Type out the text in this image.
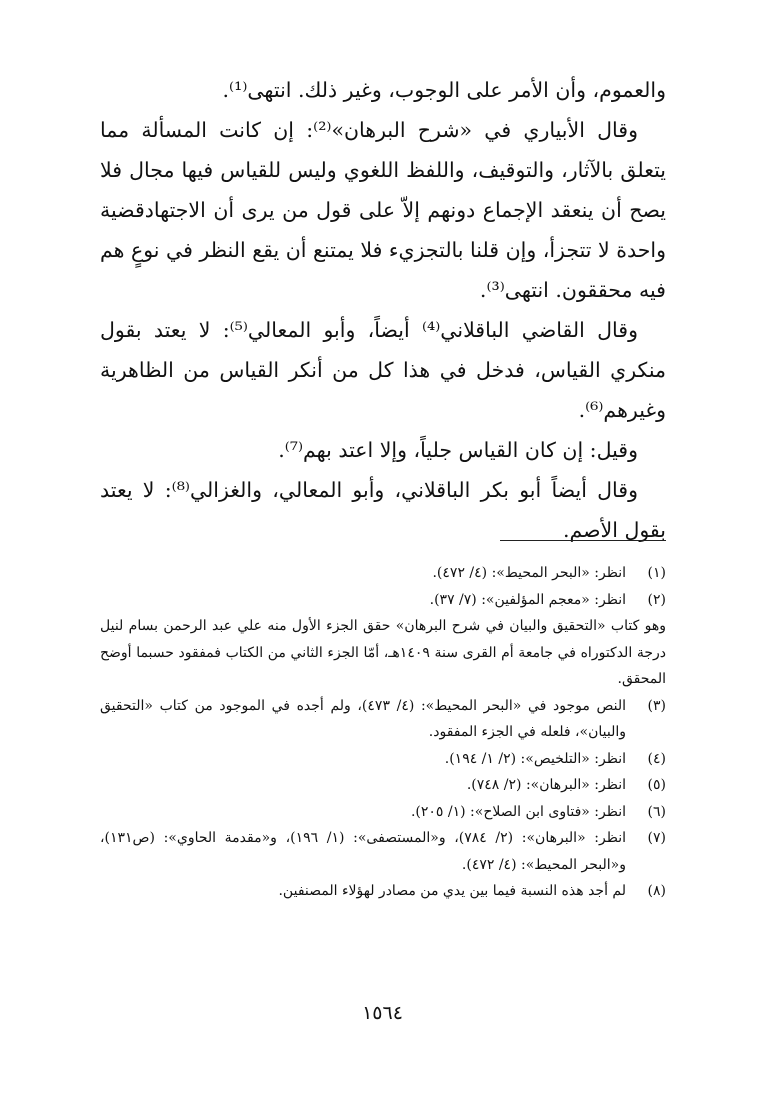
والعموم، وأن الأمر على الوجوب، وغير ذلك. انتهى⁽¹⁾.

وقال الأبياري في «شرح البرهان»⁽²⁾: إن كانت المسألة مما يتعلق بالآثار، والتوقيف، واللفظ اللغوي وليس للقياس فيها مجال فلا يصح أن ينعقد الإجماع دونهم إلاّ على قول من يرى أن الاجتهادقضية واحدة لا تتجزأ، وإن قلنا بالتجزيء فلا يمتنع أن يقع النظر في نوعٍ هم فيه محققون. انتهى⁽³⁾.

وقال القاضي الباقلاني⁽⁴⁾ أيضاً، وأبو المعالي⁽⁵⁾: لا يعتد بقول منكري القياس، فدخل في هذا كل من أنكر القياس من الظاهرية وغيرهم⁽⁶⁾.

وقيل: إن كان القياس جلياً، وإلا اعتد بهم⁽⁷⁾.

وقال أيضاً أبو بكر الباقلاني، وأبو المعالي، والغزالي⁽⁸⁾: لا يعتد بقول الأصم.

(١)
انظر: «البحر المحيط»: (٤/ ٤٧٢).
(٢)
انظر: «معجم المؤلفين»: (٧/ ٣٧).
وهو كتاب «التحقيق والبيان في شرح البرهان» حقق الجزء الأول منه علي عبد الرحمن بسام لنيل درجة الدكتوراه في جامعة أم القرى سنة ١٤٠٩هـ، أمّا الجزء الثاني من الكتاب فمفقود حسبما أوضح المحقق.
(٣)
النص موجود في «البحر المحيط»: (٤/ ٤٧٣)، ولم أجده في الموجود من كتاب «التحقيق والبيان»، فلعله في الجزء المفقود.
(٤)
انظر: «التلخيص»: (٢/ ١/ ١٩٤).
(٥)
انظر: «البرهان»: (٢/ ٧٤٨).
(٦)
انظر: «فتاوى ابن الصلاح»: (١/ ٢٠٥).
(٧)
انظر: «البرهان»: (٢/ ٧٨٤)، و«المستصفى»: (١/ ١٩٦)، و«مقدمة الحاوي»: (ص١٣١)، و«البحر المحيط»: (٤/ ٤٧٢).
(٨)
لم أجد هذه النسبة فيما بين يدي من مصادر لهؤلاء المصنفين.
١٥٦٤
